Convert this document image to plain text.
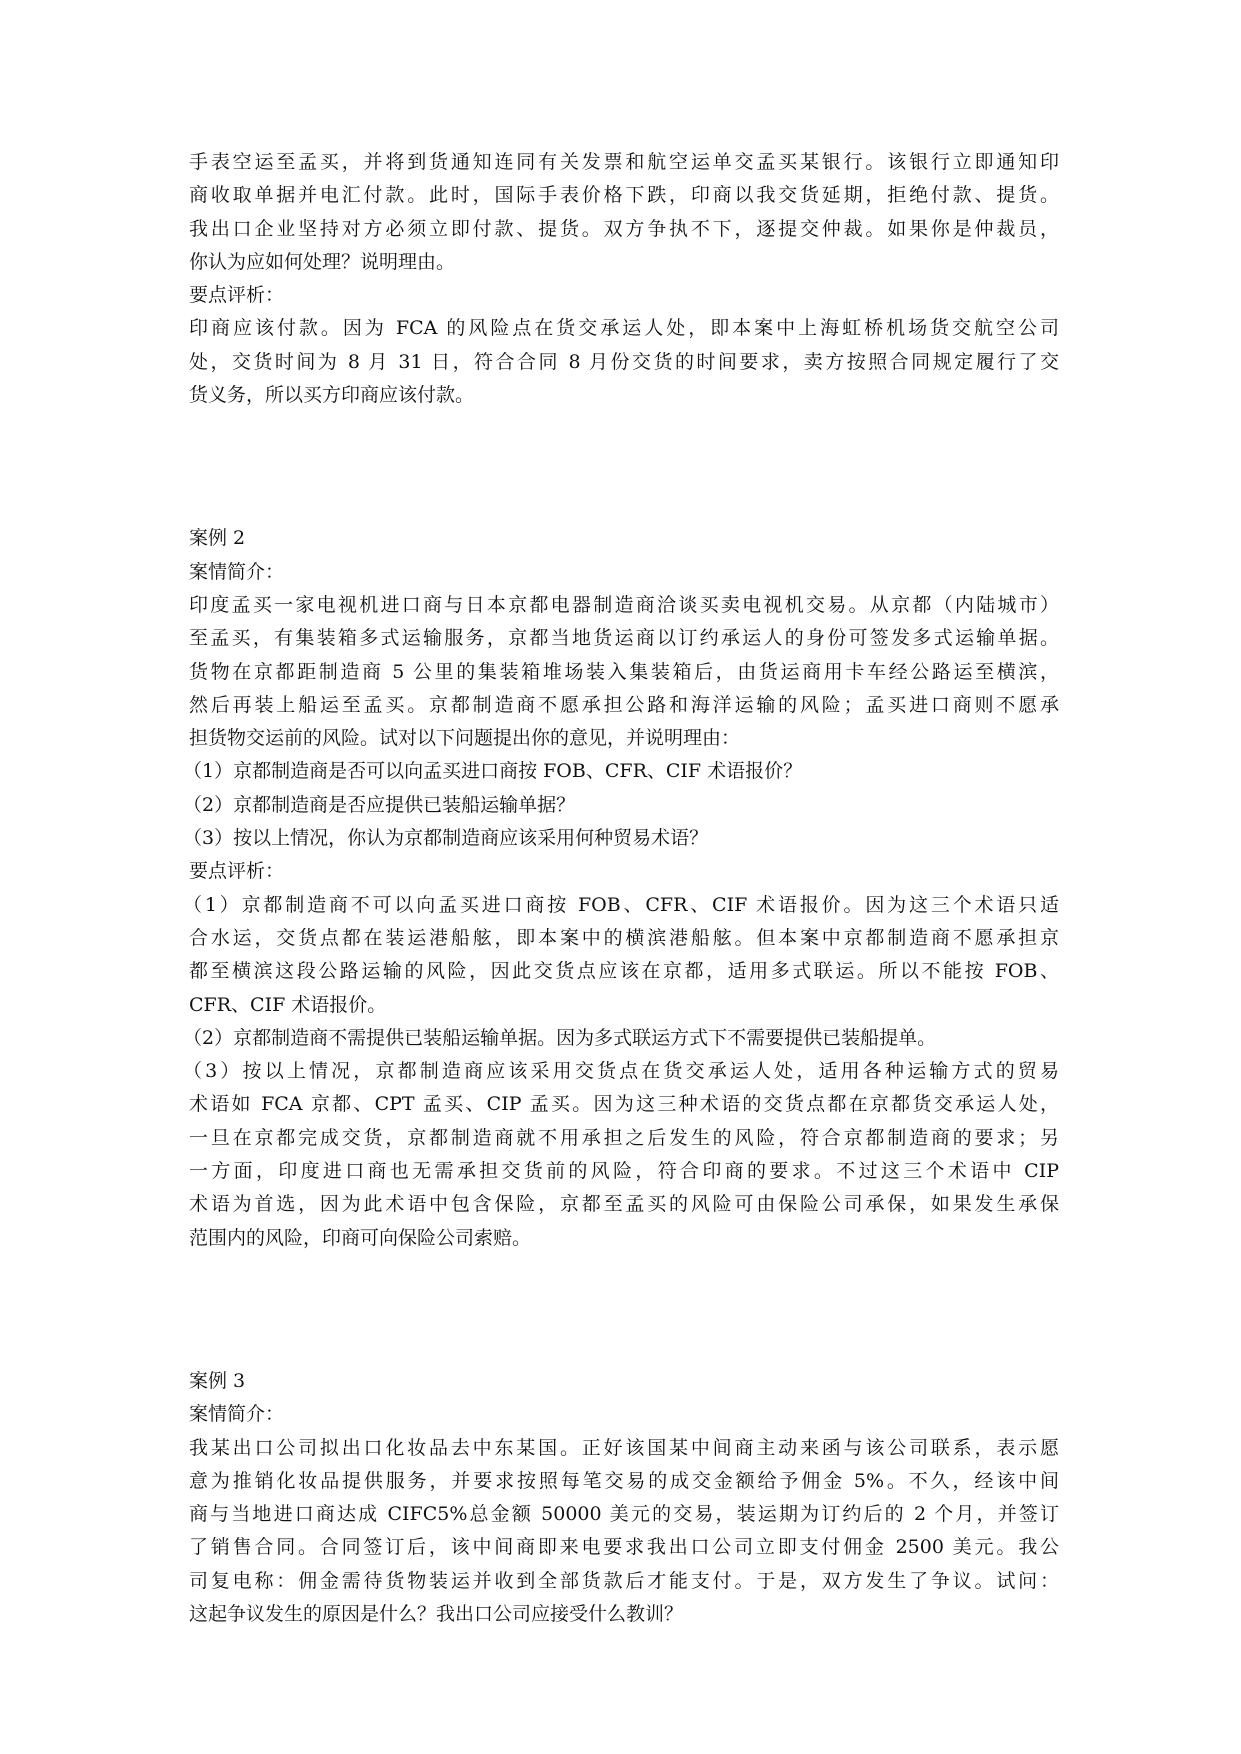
手表空运至孟买，并将到货通知连同有关发票和航空运单交孟买某银行。该银行立即通知印
商收取单据并电汇付款。此时，国际手表价格下跌，印商以我交货延期，拒绝付款、提货。
我出口企业坚持对方必须立即付款、提货。双方争执不下，逐提交仲裁。如果你是仲裁员，
你认为应如何处理？说明理由。
要点评析：
印商应该付款。因为 FCA 的风险点在货交承运人处，即本案中上海虹桥机场货交航空公司
处，交货时间为 8 月 31 日，符合合同 8 月份交货的时间要求，卖方按照合同规定履行了交
货义务，所以买方印商应该付款。
案例 2
案情简介：
印度孟买一家电视机进口商与日本京都电器制造商洽谈买卖电视机交易。从京都（内陆城市）
至孟买，有集装箱多式运输服务，京都当地货运商以订约承运人的身份可签发多式运输单据。
货物在京都距制造商 5 公里的集装箱堆场装入集装箱后，由货运商用卡车经公路运至横滨，
然后再装上船运至孟买。京都制造商不愿承担公路和海洋运输的风险；孟买进口商则不愿承
担货物交运前的风险。试对以下问题提出你的意见，并说明理由：
（1）京都制造商是否可以向孟买进口商按 FOB、CFR、CIF 术语报价？
（2）京都制造商是否应提供已装船运输单据？
（3）按以上情况，你认为京都制造商应该采用何种贸易术语？
要点评析：
（1）京都制造商不可以向孟买进口商按 FOB、CFR、CIF 术语报价。因为这三个术语只适
合水运，交货点都在装运港船舷，即本案中的横滨港船舷。但本案中京都制造商不愿承担京
都至横滨这段公路运输的风险，因此交货点应该在京都，适用多式联运。所以不能按 FOB、
CFR、CIF 术语报价。
（2）京都制造商不需提供已装船运输单据。因为多式联运方式下不需要提供已装船提单。
（3）按以上情况，京都制造商应该采用交货点在货交承运人处，适用各种运输方式的贸易
术语如 FCA 京都、CPT 孟买、CIP 孟买。因为这三种术语的交货点都在京都货交承运人处，
一旦在京都完成交货，京都制造商就不用承担之后发生的风险，符合京都制造商的要求；另
一方面，印度进口商也无需承担交货前的风险，符合印商的要求。不过这三个术语中 CIP
术语为首选，因为此术语中包含保险，京都至孟买的风险可由保险公司承保，如果发生承保
范围内的风险，印商可向保险公司索赔。
案例 3
案情简介：
我某出口公司拟出口化妆品去中东某国。正好该国某中间商主动来函与该公司联系，表示愿
意为推销化妆品提供服务，并要求按照每笔交易的成交金额给予佣金 5%。不久，经该中间
商与当地进口商达成 CIFC5%总金额 50000 美元的交易，装运期为订约后的 2 个月，并签订
了销售合同。合同签订后，该中间商即来电要求我出口公司立即支付佣金 2500 美元。我公
司复电称：佣金需待货物装运并收到全部货款后才能支付。于是，双方发生了争议。试问：
这起争议发生的原因是什么？我出口公司应接受什么教训？
